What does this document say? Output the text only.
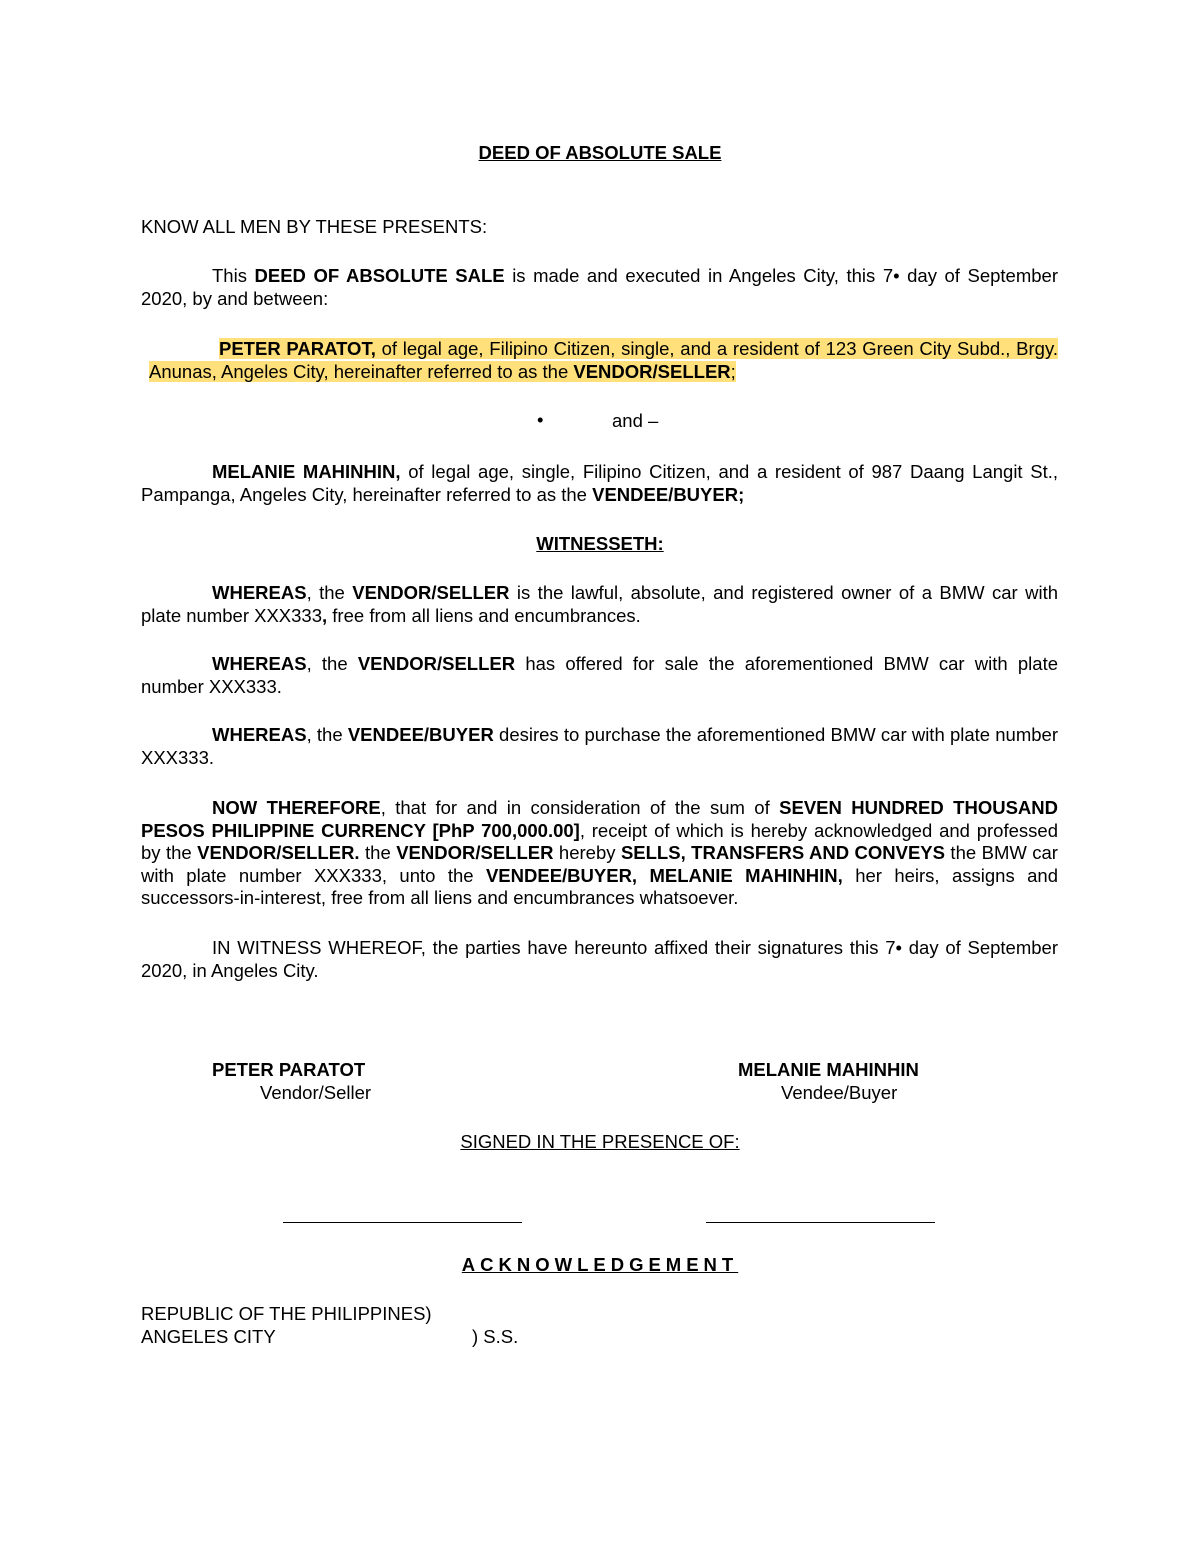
DEED OF ABSOLUTE SALE
KNOW ALL MEN BY THESE PRESENTS:
This DEED OF ABSOLUTE SALE is made and executed in Angeles City, this 7• day of September 2020, by and between:
PETER PARATOT, of legal age, Filipino Citizen, single, and a resident of 123 Green City Subd., Brgy. Anunas, Angeles City, hereinafter referred to as the VENDOR/SELLER;
•	and –
MELANIE MAHINHIN, of legal age, single, Filipino Citizen, and a resident of 987 Daang Langit St., Pampanga, Angeles City, hereinafter referred to as the VENDEE/BUYER;
WITNESSETH:
WHEREAS, the VENDOR/SELLER is the lawful, absolute, and registered owner of a BMW car with plate number XXX333, free from all liens and encumbrances.
WHEREAS, the VENDOR/SELLER has offered for sale the aforementioned BMW car with plate number XXX333.
WHEREAS, the VENDEE/BUYER desires to purchase the aforementioned BMW car with plate number XXX333.
NOW THEREFORE, that for and in consideration of the sum of SEVEN HUNDRED THOUSAND PESOS PHILIPPINE CURRENCY [PhP 700,000.00], receipt of which is hereby acknowledged and professed by the VENDOR/SELLER. the VENDOR/SELLER hereby SELLS, TRANSFERS AND CONVEYS the BMW car with plate number XXX333, unto the VENDEE/BUYER, MELANIE MAHINHIN, her heirs, assigns and successors-in-interest, free from all liens and encumbrances whatsoever.
IN WITNESS WHEREOF, the parties have hereunto affixed their signatures this 7• day of September 2020, in Angeles City.
PETER PARATOT
Vendor/Seller
MELANIE MAHINHIN
Vendee/Buyer
SIGNED IN THE PRESENCE OF:
ACKNOWLEDGEMENT
REPUBLIC OF THE PHILIPPINES)
ANGELES CITY	) S.S.
